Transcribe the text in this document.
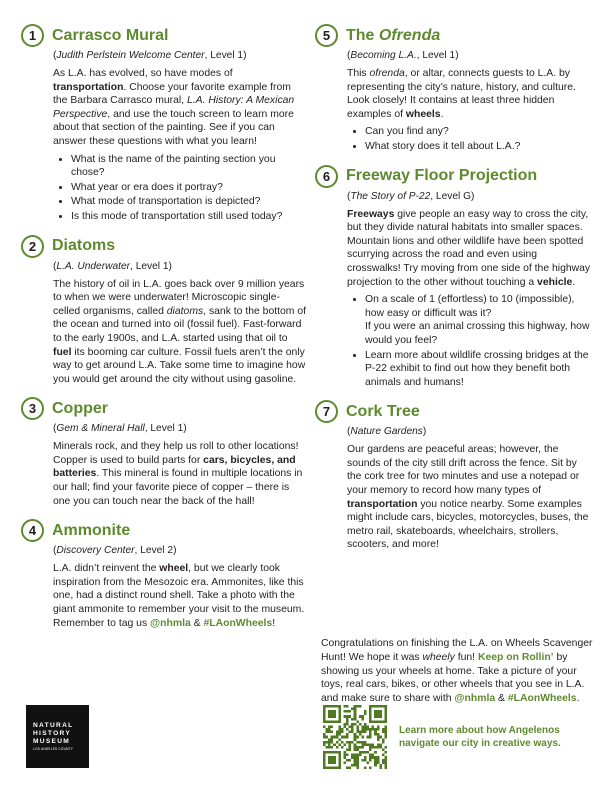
1 Carrasco Mural
(Judith Perlstein Welcome Center, Level 1)

As L.A. has evolved, so have modes of transportation. Choose your favorite example from the Barbara Carrasco mural, L.A. History: A Mexican Perspective, and use the touch screen to learn more about that section of the painting. See if you can answer these questions with what you learn!

• What is the name of the painting section you chose?
• What year or era does it portray?
• What mode of transportation is depicted?
• Is this mode of transportation still used today?
2 Diatoms
(L.A. Underwater, Level 1)

The history of oil in L.A. goes back over 9 million years to when we were underwater! Microscopic single-celled organisms, called diatoms, sank to the bottom of the ocean and turned into oil (fossil fuel). Fast-forward to the early 1900s, and L.A. started using that oil to fuel its booming car culture. Fossil fuels aren’t the only way to get around L.A. Take some time to imagine how you would get around the city without using gasoline.

3 Copper
(Gem & Mineral Hall, Level 1)

Minerals rock, and they help us roll to other locations! Copper is used to build parts for cars, bicycles, and batteries. This mineral is found in multiple locations in our hall; find your favorite piece of copper – there is one you can touch near the back of the hall!

4 Ammonite
(Discovery Center, Level 2)

L.A. didn’t reinvent the wheel, but we clearly took inspiration from the Mesozoic era. Ammonites, like this one, had a distinct round shell. Take a photo with the giant ammonite to remember your visit to the museum. Remember to tag us @nhmla & #LAonWheels!

5 The Ofrenda
(Becoming L.A., Level 1)

This ofrenda, or altar, connects guests to L.A. by representing the city’s nature, history, and culture. Look closely! It contains at least three hidden examples of wheels.

• Can you find any?
• What story does it tell about L.A.?
6 Freeway Floor Projection
(The Story of P-22, Level G)

Freeways give people an easy way to cross the city, but they divide natural habitats into smaller spaces. Mountain lions and other wildlife have been spotted scurrying across the road and even using crosswalks! Try moving from one side of the highway projection to the other without touching a vehicle.

• On a scale of 1 (effortless) to 10 (impossible), how easy or difficult was it?
If you were an animal crossing this highway, how would you feel?
• Learn more about wildlife crossing bridges at the P-22 exhibit to find out how they benefit both animals and humans!
7 Cork Tree
(Nature Gardens)

Our gardens are peaceful areas; however, the sounds of the city still drift across the fence. Sit by the cork tree for two minutes and use a notepad or your memory to record how many types of transportation you notice nearby. Some examples might include cars, bicycles, motorcycles, buses, the metro rail, skateboards, wheelchairs, strollers, scooters, and more!

Congratulations on finishing the L.A. on Wheels Scavenger Hunt! We hope it was wheely fun! Keep on Rollin’ by showing us your wheels at home. Take a picture of your toys, real cars, bikes, or other wheels that you see in L.A. and make sure to share with @nhmla & #LAonWheels.

NATURAL
HISTORY
MUSEUM
LOS ANGELES COUNTY
Learn more about how Angelenos navigate our city in creative ways.
